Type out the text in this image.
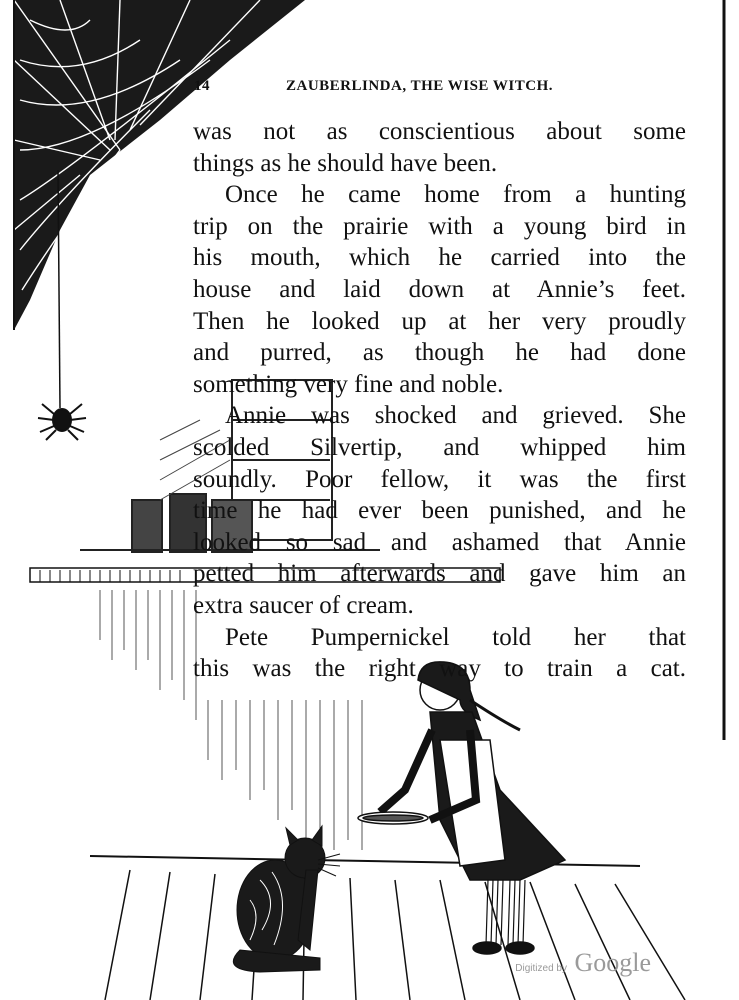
14	ZAUBERLINDA, THE WISE WITCH.
was not as conscientious about some
things as he should have been.
Once he came home from a hunting
trip on the prairie with a young bird in
his mouth, which he carried into the
house and laid down at Annie’s feet.
Then he looked up at her very proudly
and purred, as though he had done
something very fine and noble.
Annie was shocked and grieved. She
scolded Silvertip, and whipped him
soundly. Poor fellow, it was the first
time he had ever been punished, and he
looked so sad and ashamed that Annie
petted him afterwards and gave him an
extra saucer of cream.
Pete Pumpernickel told her that
this was the right way to train a cat.
Digitized by Google
